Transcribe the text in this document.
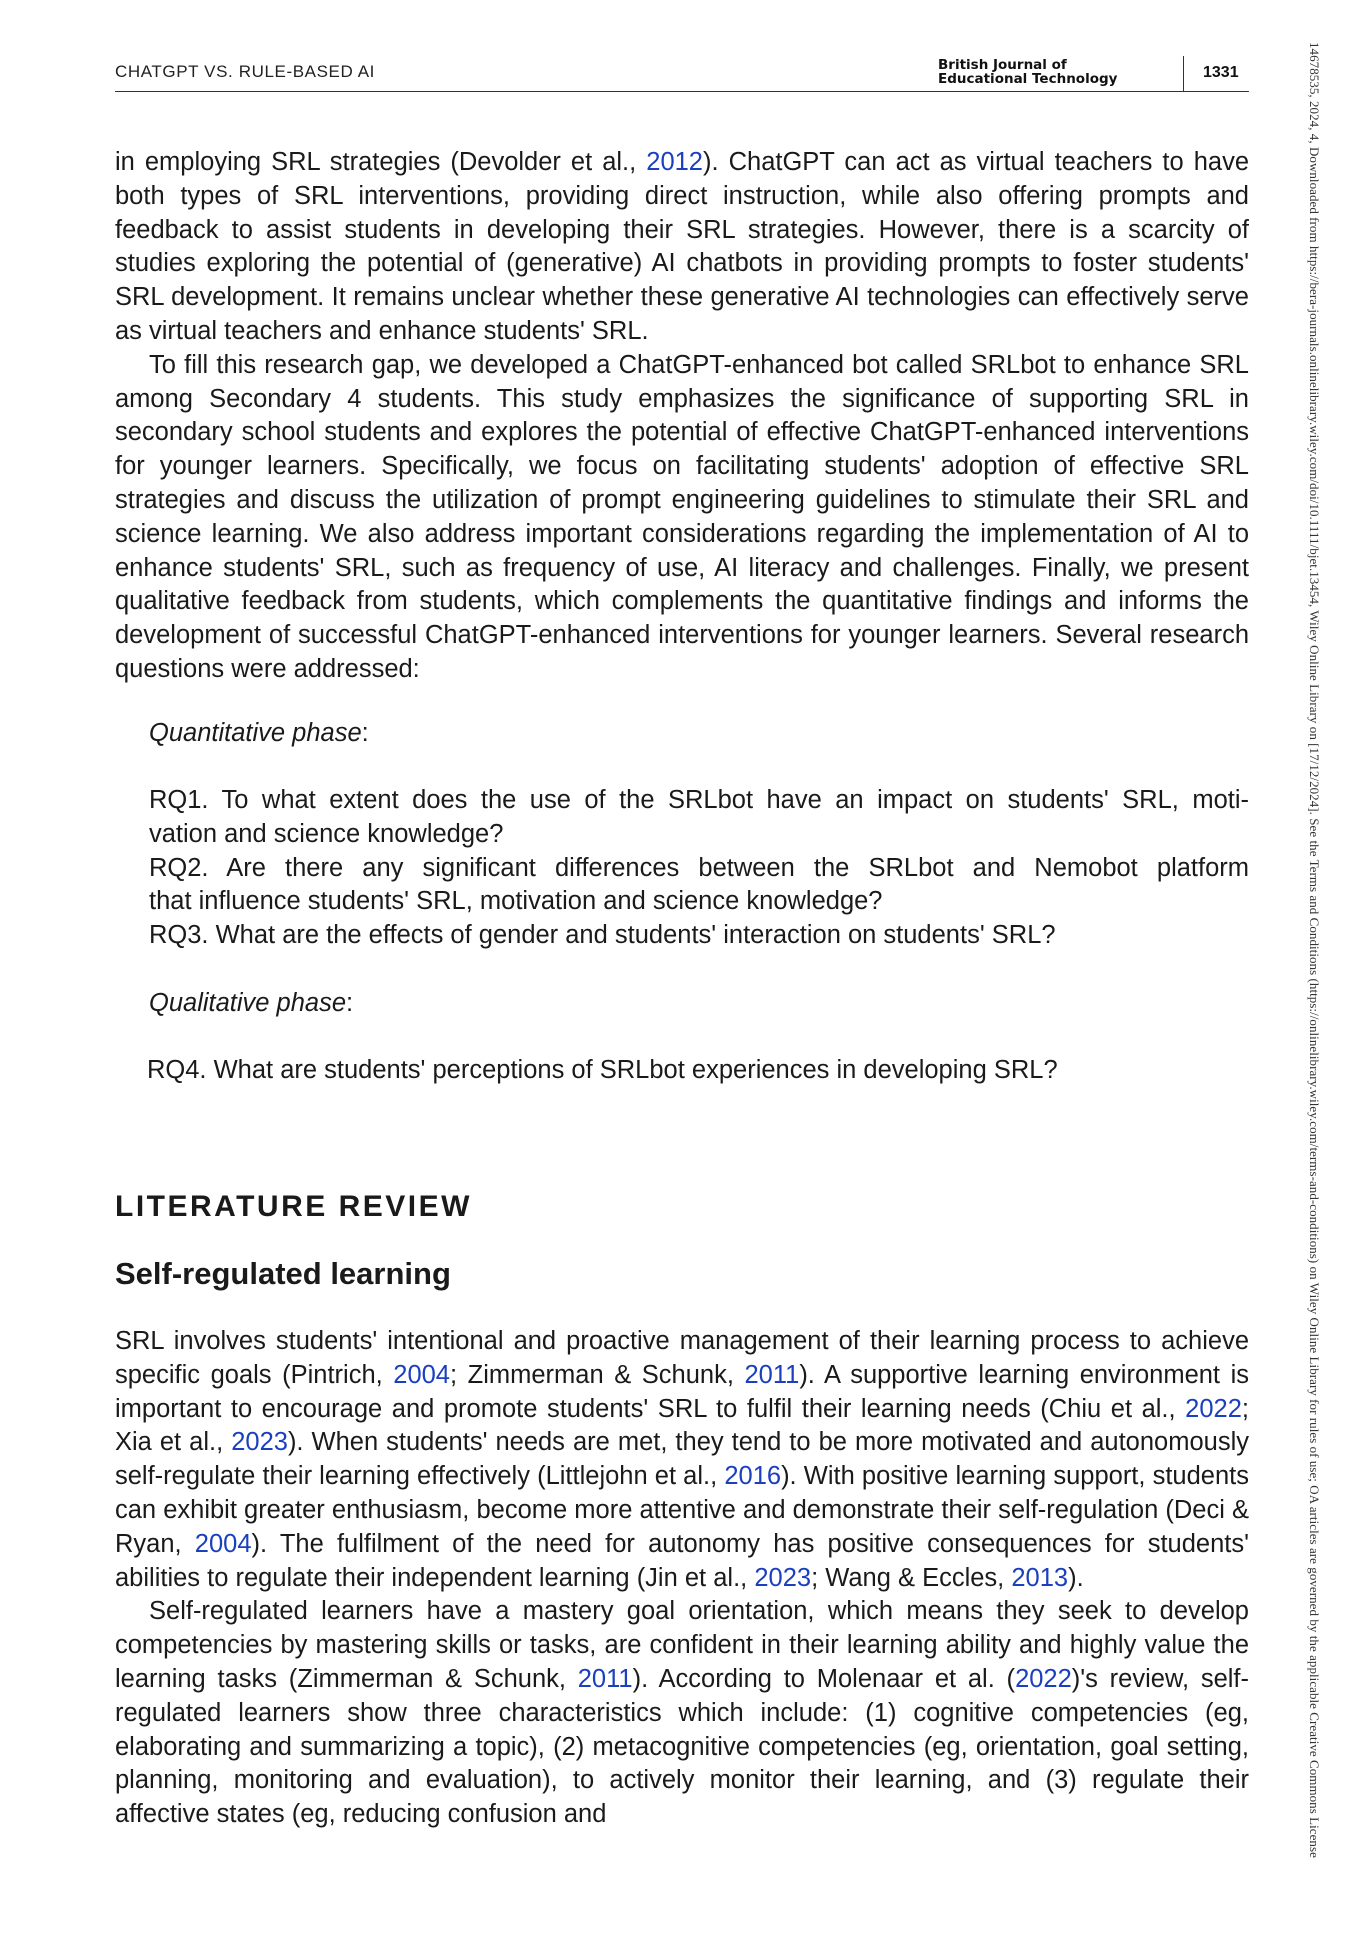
CHATGPT VS. RULE-BASED AI	British Journal of
Educational Technology	1331	14678535, 2024, 4, Downloaded from https://bera-journals.onlinelibrary.wiley.com/doi/10.1111/bjet.13454, Wiley Online Library on [17/12/2024]. See the Terms and Conditions (https://onlinelibrary.wiley.com/terms-and-conditions) on Wiley Online Library for rules of use; OA articles are governed by the applicable Creative Commons License

in employing SRL strategies (Devolder et al., 2012). ChatGPT can act as virtual teachers to have both types of SRL interventions, providing direct instruction, while also offering prompts and feedback to assist students in developing their SRL strategies. However, there is a scarcity of studies exploring the potential of (generative) AI chatbots in providing prompts to foster students' SRL development. It remains unclear whether these generative AI technologies can effectively serve as virtual teachers and enhance students' SRL.

To fill this research gap, we developed a ChatGPT-enhanced bot called SRLbot to enhance SRL among Secondary 4 students. This study emphasizes the significance of supporting SRL in secondary school students and explores the potential of effective ChatGPT-enhanced interventions for younger learners. Specifically, we focus on facilitating students' adoption of effective SRL strategies and discuss the utilization of prompt engineering guidelines to stimulate their SRL and science learning. We also address important considerations regarding the implementation of AI to enhance students' SRL, such as frequency of use, AI literacy and challenges. Finally, we present qualitative feedback from students, which complements the quantitative findings and informs the development of successful ChatGPT-enhanced interventions for younger learners. Several research questions were addressed:

Quantitative phase:

RQ1. To what extent does the use of the SRLbot have an impact on students' SRL, moti-
vation and science knowledge?

RQ2. Are there any significant differences between the SRLbot and Nemobot platform
that influence students' SRL, motivation and science knowledge?

RQ3. What are the effects of gender and students' interaction on students' SRL?

Qualitative phase:

RQ4. What are students' perceptions of SRLbot experiences in developing SRL?

LITERATURE REVIEW
Self-regulated learning

SRL involves students' intentional and proactive management of their learning process to achieve specific goals (Pintrich, 2004; Zimmerman & Schunk, 2011). A supportive learning environment is important to encourage and promote students' SRL to fulfil their learning needs (Chiu et al., 2022; Xia et al., 2023). When students' needs are met, they tend to be more motivated and autonomously self-regulate their learning effectively (Littlejohn et al., 2016). With positive learning support, students can exhibit greater enthusiasm, become more attentive and demonstrate their self-regulation (Deci & Ryan, 2004). The fulfilment of the need for autonomy has positive consequences for students' abilities to regulate their independent learning (Jin et al., 2023; Wang & Eccles, 2013).

Self-regulated learners have a mastery goal orientation, which means they seek to develop competencies by mastering skills or tasks, are confident in their learning ability and highly value the learning tasks (Zimmerman & Schunk, 2011). According to Molenaar et al. (2022)'s review, self-regulated learners show three characteristics which include: (1) cognitive competencies (eg, elaborating and summarizing a topic), (2) metacognitive competencies (eg, orientation, goal setting, planning, monitoring and evaluation), to actively monitor their learning, and (3) regulate their affective states (eg, reducing confusion and
